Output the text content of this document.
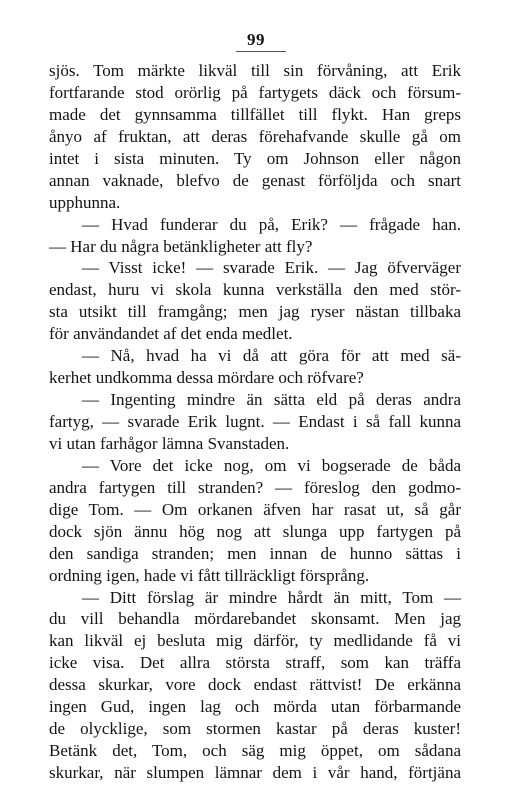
99
sjös. Tom märkte likväl till sin förvåning, att Erik
fortfarande stod orörlig på fartygets däck och försum-
made det gynnsamma tillfället till flykt. Han greps
ånyo af fruktan, att deras förehafvande skulle gå om
intet i sista minuten. Ty om Johnson eller någon
annan vaknade, blefvo de genast förföljda och snart
upphunna.
— Hvad funderar du på, Erik? — frågade han.
— Har du några betänkligheter att fly?
— Visst icke! — svarade Erik. — Jag öfverväger
endast, huru vi skola kunna verkställa den med stör-
sta utsikt till framgång; men jag ryser nästan tillbaka
för användandet af det enda medlet.
— Nå, hvad ha vi då att göra för att med sä-
kerhet undkomma dessa mördare och röfvare?
— Ingenting mindre än sätta eld på deras andra
fartyg, — svarade Erik lugnt. — Endast i så fall kunna
vi utan farhågor lämna Svanstaden.
— Vore det icke nog, om vi bogserade de båda
andra fartygen till stranden? — föreslog den godmo-
dige Tom. — Om orkanen äfven har rasat ut, så går
dock sjön ännu hög nog att slunga upp fartygen på
den sandiga stranden; men innan de hunno sättas i
ordning igen, hade vi fått tillräckligt försprång.
— Ditt förslag är mindre hårdt än mitt, Tom —
du vill behandla mördarebandet skonsamt. Men jag
kan likväl ej besluta mig därför, ty medlidande få vi
icke visa. Det allra största straff, som kan träffa
dessa skurkar, vore dock endast rättvist! De erkänna
ingen Gud, ingen lag och mörda utan förbarmande
de olycklige, som stormen kastar på deras kuster!
Betänk det, Tom, och säg mig öppet, om sådana
skurkar, när slumpen lämnar dem i vår hand, förtjäna
